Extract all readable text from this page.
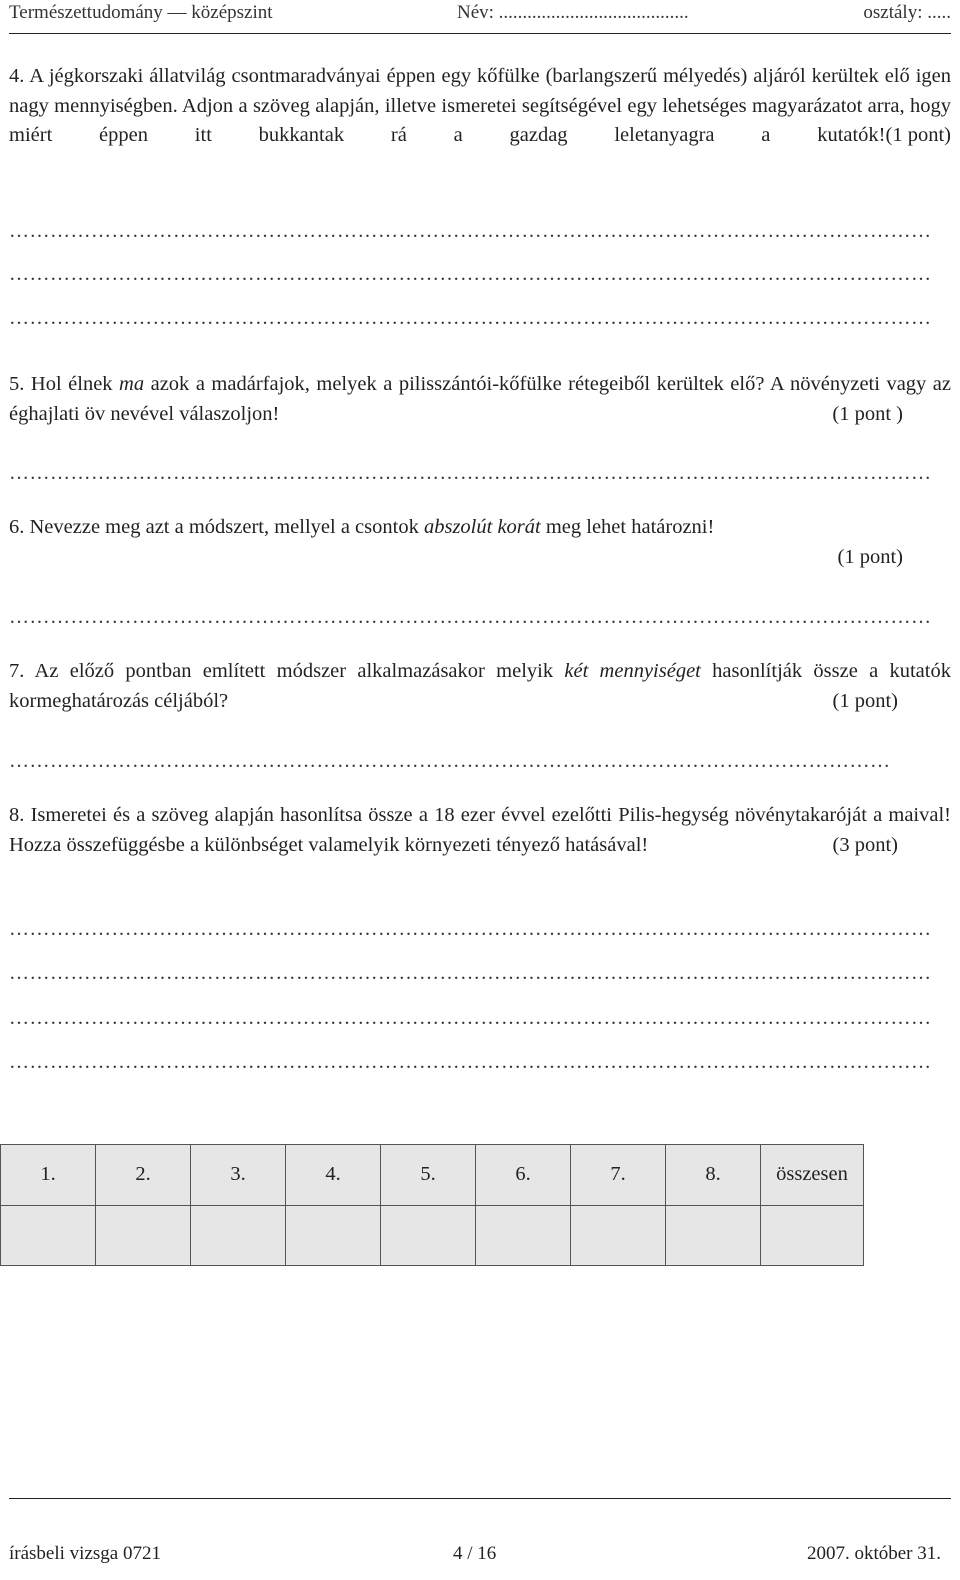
Természettudomány — középszint	Név: ........................................	osztály: .....

4. A jégkorszaki állatvilág csontmaradványai éppen egy kőfülke (barlangszerű mélyedés) aljáról kerültek elő igen nagy mennyiségben. Adjon a szöveg alapján, illetve ismeretei segítségével egy lehetséges magyarázatot arra, hogy miért éppen itt bukkantak rá a gazdag leletanyagra a kutatók! (1 pont)

………………………………………………………………………………………………………………………………………………………………………………………………………
………………………………………………………………………………………………………………………………………………………………………………………………………
………………………………………………………………………………………………………………………………………………………………………………………………………

5. Hol élnek ma azok a madárfajok, melyek a pilisszántói-kőfülke rétegeiből kerültek elő? A növényzeti vagy az éghajlati öv nevével válaszoljon!	(1 pont )

………………………………………………………………………………………………………………………………………………………………………………………………………

6. Nevezze meg azt a módszert, mellyel a csontok abszolút korát meg lehet határozni!

(1 pont)
………………………………………………………………………………………………………………………………………………………………………………………………………

7. Az előző pontban említett módszer alkalmazásakor melyik két mennyiséget hasonlítják össze a kutatók kormeghatározás céljából?	(1 pont)

………………………………………………………………………………………………………………………………………………………………………………………………………

8. Ismeretei és a szöveg alapján hasonlítsa össze a 18 ezer évvel ezelőtti Pilis-hegység növénytakaróját a maival! Hozza összefüggésbe a különbséget valamelyik környezeti tényező hatásával!	(3 pont)

………………………………………………………………………………………………………………………………………………………………………………………………………
………………………………………………………………………………………………………………………………………………………………………………………………………
………………………………………………………………………………………………………………………………………………………………………………………………………
………………………………………………………………………………………………………………………………………………………………………………………………………
1.	2.	3.	4.	5.	6.	7.	8.	összesen

írásbeli vizsga 0721	4 / 16	2007. október 31.
